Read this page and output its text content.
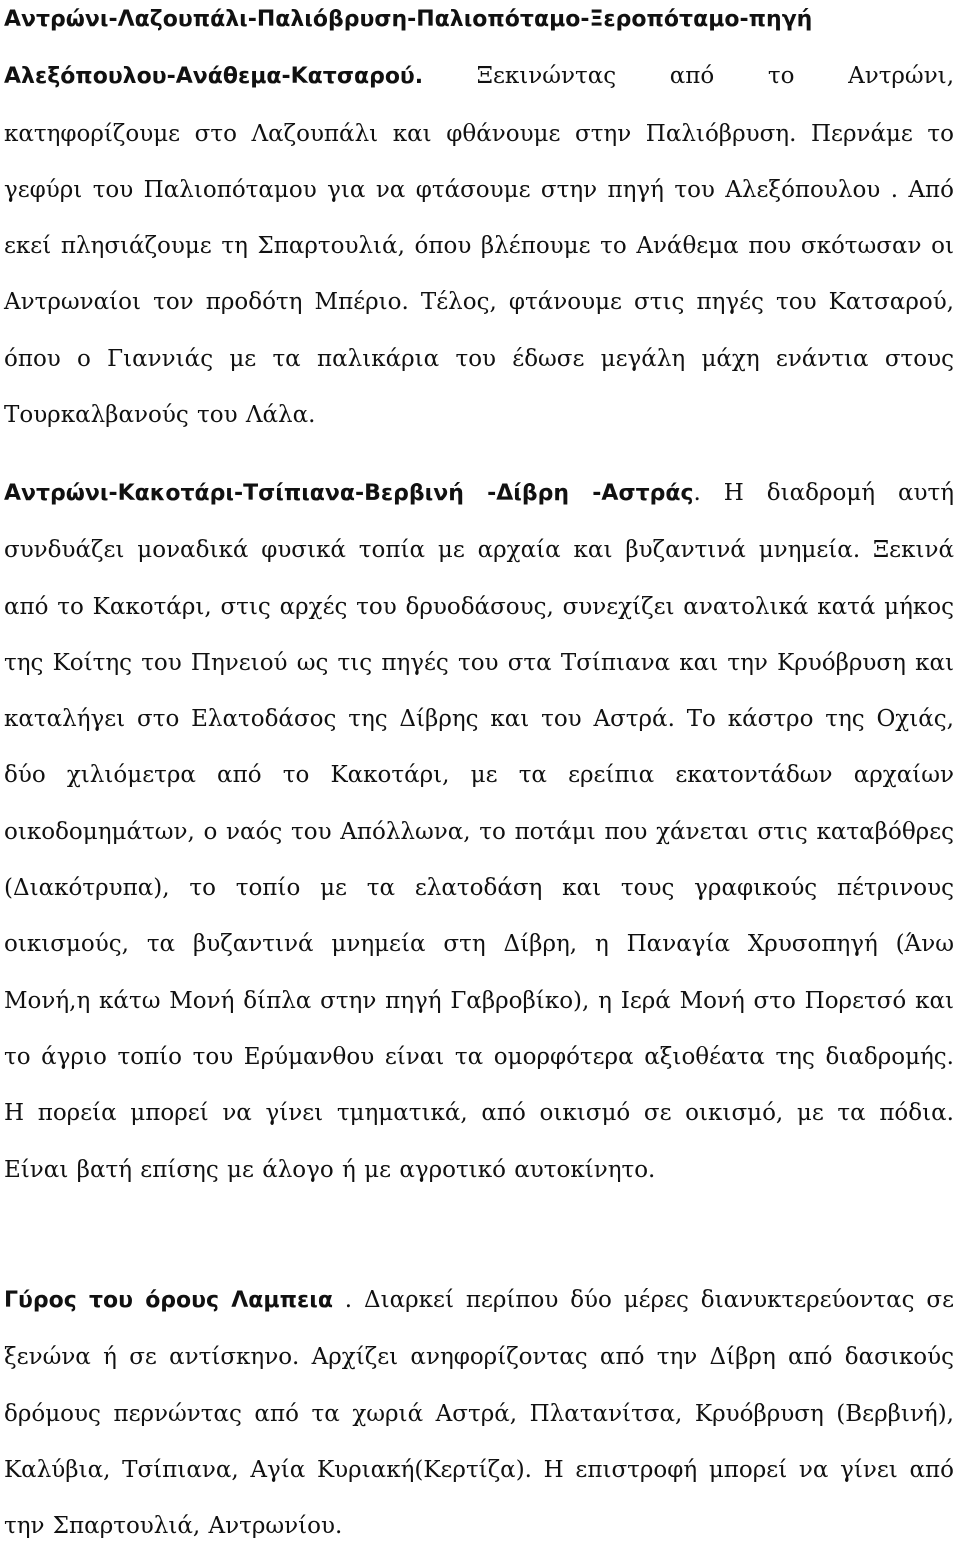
Αντρώνι-Λαζουπάλι-Παλιόβρυση-Παλιοπόταμο-Ξεροπόταμο-πηγή Αλεξόπουλου-Ανάθεμα-Κατσαρού. Ξεκινώντας από το Αντρώνι, κατηφορίζουμε στο Λαζουπάλι και φθάνουμε στην Παλιόβρυση. Περνάμε το γεφύρι του Παλιοπόταμου για να φτάσουμε στην πηγή του Αλεξόπουλου . Από εκεί πλησιάζουμε τη Σπαρτουλιά, όπου βλέπουμε το Ανάθεμα που σκότωσαν οι Αντρωναίοι τον προδότη Μπέριο. Τέλος, φτάνουμε στις πηγές του Κατσαρού, όπου ο Γιαννιάς με τα παλικάρια του έδωσε μεγάλη μάχη ενάντια στους Τουρκαλβανούς του Λάλα.

Αντρώνι-Κακοτάρι-Τσίπιανα-Βερβινή -Δίβρη -Αστράς. Η διαδρομή αυτή συνδυάζει μοναδικά φυσικά τοπία με αρχαία και βυζαντινά μνημεία. Ξεκινά από το Κακοτάρι, στις αρχές του δρυοδάσους, συνεχίζει ανατολικά κατά μήκος της Κοίτης του Πηνειού ως τις πηγές του στα Τσίπιανα και την Κρυόβρυση και καταλήγει στο Ελατοδάσος της Δίβρης και του Αστρά. Το κάστρο της Οχιάς, δύο χιλιόμετρα από το Κακοτάρι, με τα ερείπια εκατοντάδων αρχαίων οικοδομημάτων, ο ναός του Απόλλωνα, το ποτάμι που χάνεται στις καταβόθρες (Διακότρυπα), το τοπίο με τα ελατοδάση και τους γραφικούς πέτρινους οικισμούς, τα βυζαντινά μνημεία στη Δίβρη, η Παναγία Χρυσοπηγή (Άνω Μονή,η κάτω Μονή δίπλα στην πηγή Γαβροβίκο), η Ιερά Μονή στο Πορετσό και το άγριο τοπίο του Ερύμανθου είναι τα ομορφότερα αξιοθέατα της διαδρομής. Η πορεία μπορεί να γίνει τμηματικά, από οικισμό σε οικισμό, με τα πόδια. Είναι βατή επίσης με άλογο ή με αγροτικό αυτοκίνητο.

Γύρος του όρους Λαμπεια . Διαρκεί περίπου δύο μέρες διανυκτερεύοντας σε ξενώνα ή σε αντίσκηνο. Αρχίζει ανηφορίζοντας από την Δίβρη από δασικούς δρόμους περνώντας από τα χωριά Αστρά, Πλατανίτσα, Κρυόβρυση (Βερβινή), Καλύβια, Τσίπιανα, Αγία Κυριακή(Κερτίζα). Η επιστροφή μπορεί να γίνει από την Σπαρτουλιά, Αντρωνίου.
